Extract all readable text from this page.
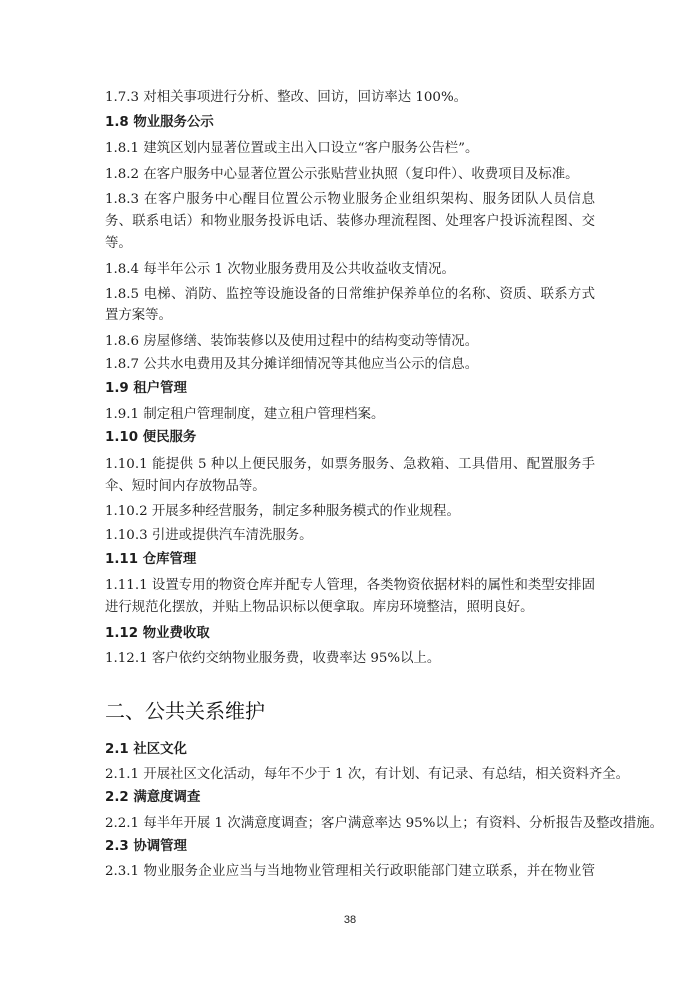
1.7.3 对相关事项进行分析、整改、回访，回访率达 100%。
1.8 物业服务公示
1.8.1 建筑区划内显著位置或主出入口设立“客户服务公告栏”。
1.8.2 在客户服务中心显著位置公示张贴营业执照（复印件）、收费项目及标准。
1.8.3 在客户服务中心醒目位置公示物业服务企业组织架构、服务团队人员信息
务、联系电话）和物业服务投诉电话、装修办理流程图、处理客户投诉流程图、交
等。
1.8.4 每半年公示 1 次物业服务费用及公共收益收支情况。
1.8.5 电梯、消防、监控等设施设备的日常维护保养单位的名称、资质、联系方式
置方案等。
1.8.6 房屋修缮、装饰装修以及使用过程中的结构变动等情况。
1.8.7 公共水电费用及其分摊详细情况等其他应当公示的信息。
1.9 租户管理
1.9.1 制定租户管理制度，建立租户管理档案。
1.10 便民服务
1.10.1 能提供 5 种以上便民服务，如票务服务、急救箱、工具借用、配置服务手
伞、短时间内存放物品等。
1.10.2 开展多种经营服务，制定多种服务模式的作业规程。
1.10.3 引进或提供汽车清洗服务。
1.11 仓库管理
1.11.1 设置专用的物资仓库并配专人管理，各类物资依据材料的属性和类型安排固
进行规范化摆放，并贴上物品识标以便拿取。库房环境整洁，照明良好。
1.12 物业费收取
1.12.1 客户依约交纳物业服务费，收费率达 95%以上。
二、公共关系维护
2.1 社区文化
2.1.1 开展社区文化活动，每年不少于 1 次，有计划、有记录、有总结，相关资料齐全。
2.2 满意度调查
2.2.1 每半年开展 1 次满意度调查；客户满意率达 95%以上；有资料、分析报告及整改措施。
2.3 协调管理
2.3.1 物业服务企业应当与当地物业管理相关行政职能部门建立联系，并在物业管
38
